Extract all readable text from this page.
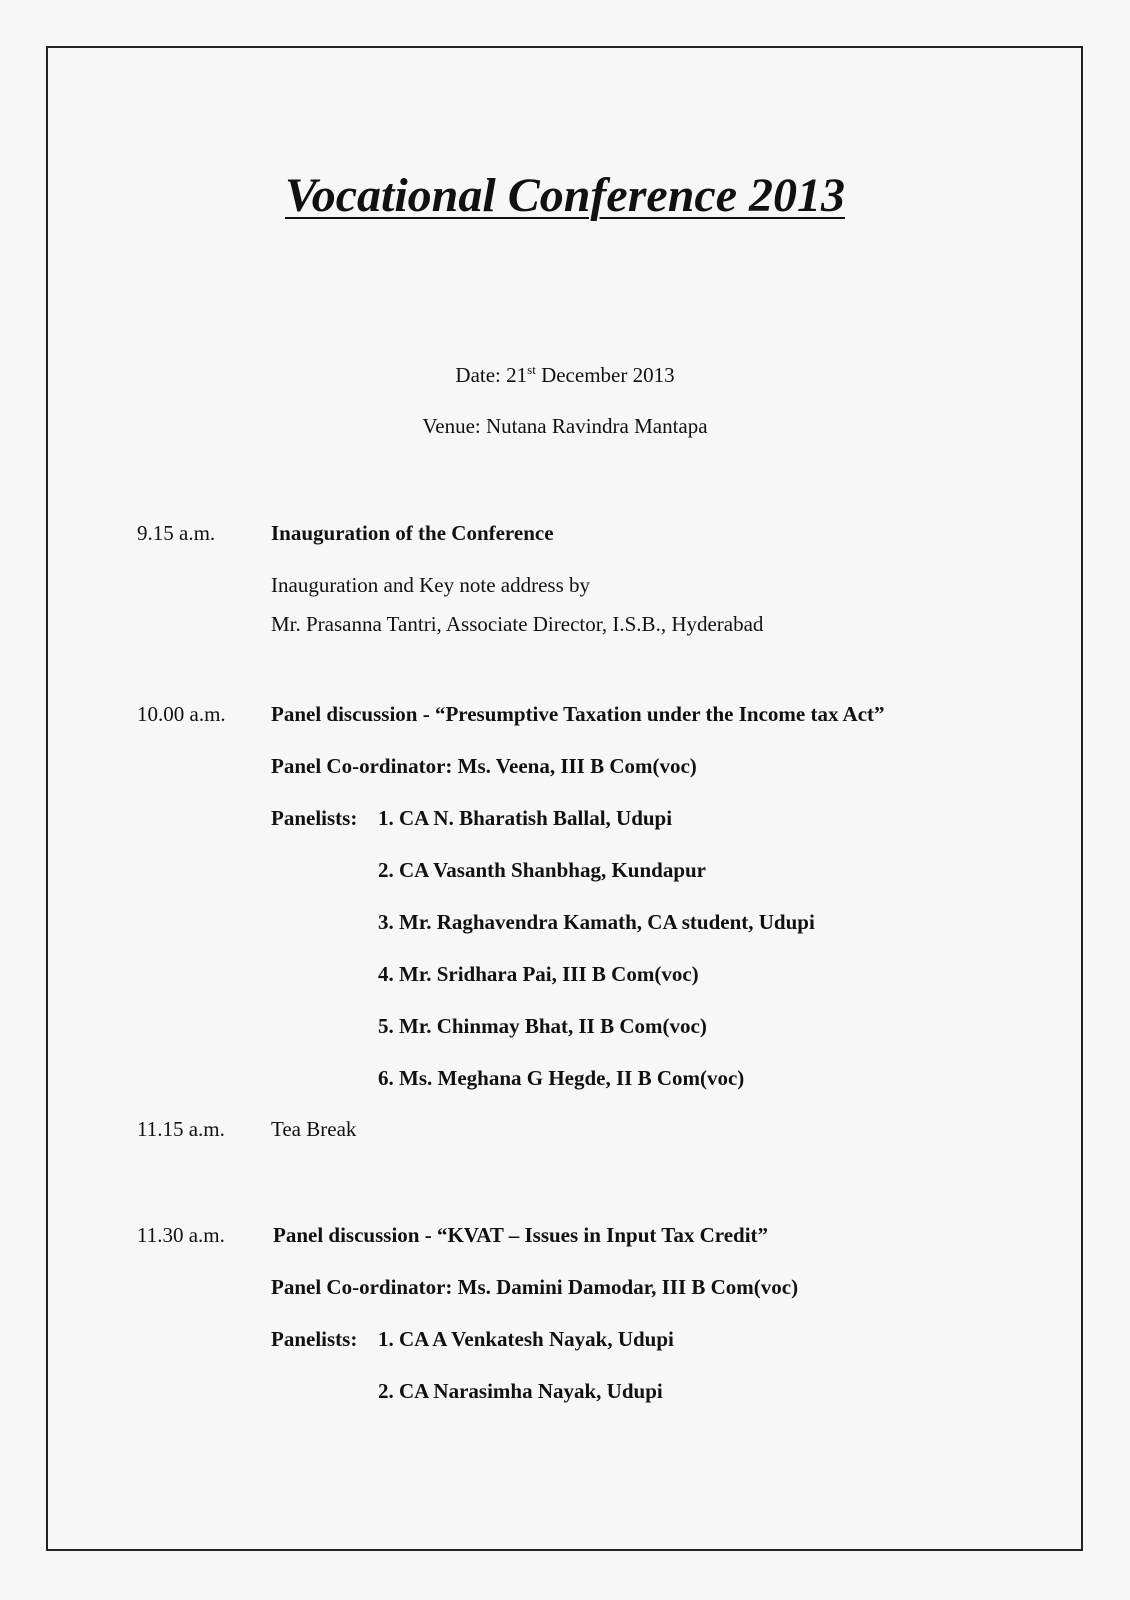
Vocational Conference 2013
Date: 21st December 2013
Venue: Nutana Ravindra Mantapa
9.15 a.m.	Inauguration of the Conference
Inauguration and Key note address by
Mr. Prasanna Tantri, Associate Director, I.S.B., Hyderabad
10.00 a.m. Panel discussion - “Presumptive Taxation under the Income tax Act”
Panel Co-ordinator: Ms. Veena, III B Com(voc)
Panelists: 1. CA N. Bharatish Ballal, Udupi
2. CA Vasanth Shanbhag, Kundapur
3. Mr. Raghavendra Kamath, CA student, Udupi
4. Mr. Sridhara Pai, III B Com(voc)
5. Mr. Chinmay Bhat, II B Com(voc)
6. Ms. Meghana G Hegde, II B Com(voc)
11.15 a.m. Tea Break
11.30 a.m. Panel discussion - “KVAT – Issues in Input Tax Credit”
Panel Co-ordinator: Ms. Damini Damodar, III B Com(voc)
Panelists: 1. CA A Venkatesh Nayak, Udupi
2. CA Narasimha Nayak, Udupi
